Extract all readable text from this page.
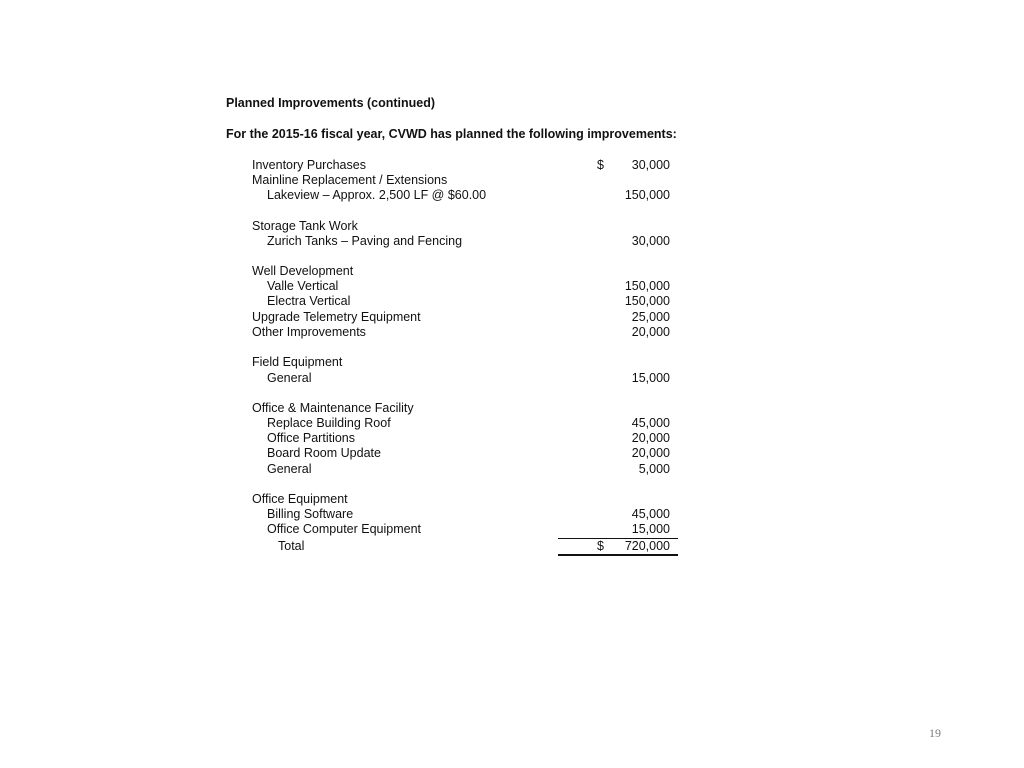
Planned Improvements (continued)
For the 2015-16 fiscal year, CVWD has planned the following improvements:
Inventory Purchases	$ 30,000
Mainline Replacement / Extensions
Lakeview – Approx. 2,500 LF @ $60.00	150,000
Storage Tank Work
Zurich Tanks – Paving and Fencing	30,000
Well Development
Valle Vertical	150,000
Electra Vertical	150,000
Upgrade Telemetry Equipment	25,000
Other Improvements	20,000
Field Equipment
General	15,000
Office & Maintenance Facility
Replace Building Roof	45,000
Office Partitions	20,000
Board Room Update	20,000
General	5,000
Office Equipment
Billing Software	45,000
Office Computer Equipment	15,000
Total	$ 720,000
19
